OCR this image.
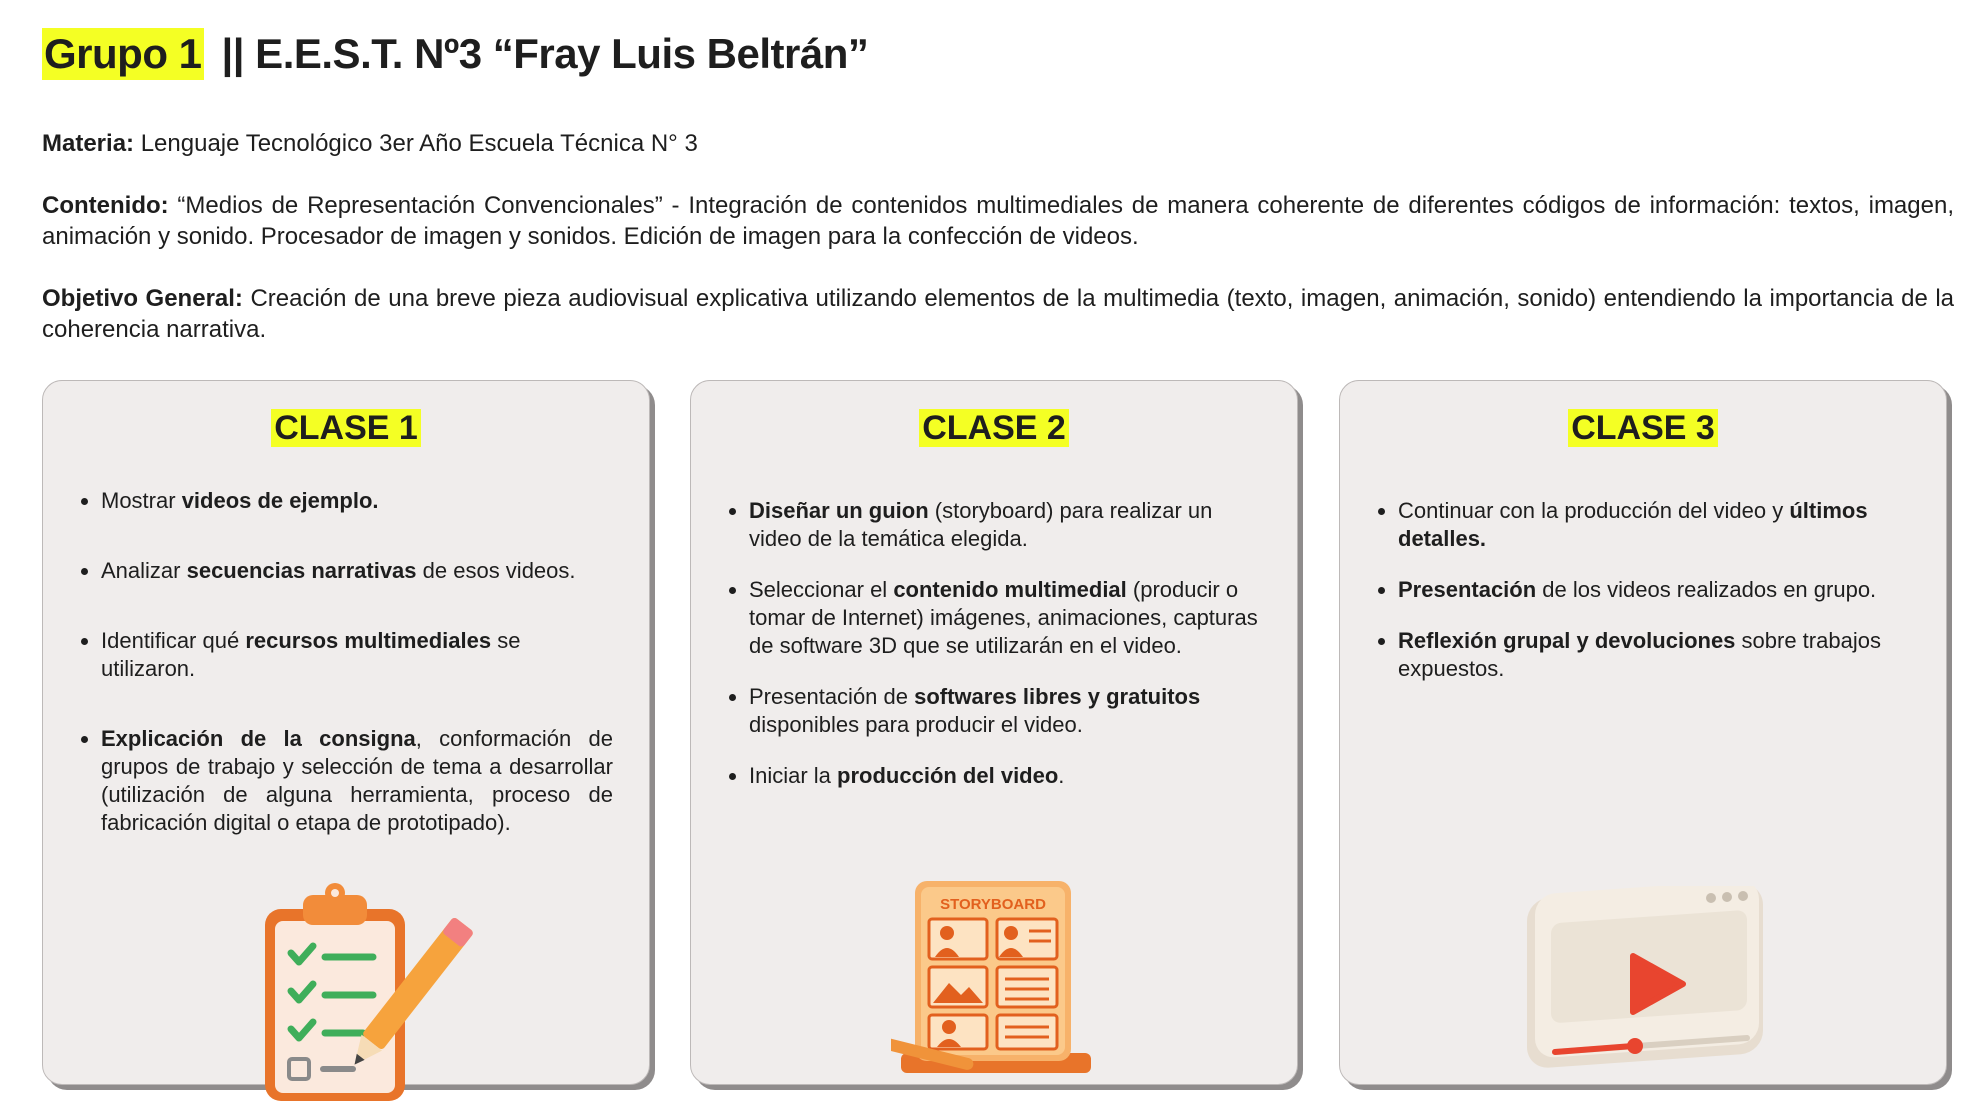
Grupo 1 || E.E.S.T. Nº3 “Fray Luis Beltrán”

Materia: Lenguaje Tecnológico 3er Año Escuela Técnica N° 3

Contenido: “Medios de Representación Convencionales” - Integración de contenidos multimediales de manera coherente de diferentes códigos de información: textos, imagen, animación y sonido. Procesador de imagen y sonidos. Edición de imagen para la confección de videos.

Objetivo General: Creación de una breve pieza audiovisual explicativa utilizando elementos de la multimedia (texto, imagen, animación, sonido) entendiendo la importancia de la coherencia narrativa.

CLASE 1
• Mostrar videos de ejemplo.
• Analizar secuencias narrativas de esos videos.
• Identificar qué recursos multimediales se utilizaron.
• Explicación de la consigna, conformación de grupos de trabajo y selección de tema a desarrollar (utilización de alguna herramienta, proceso de fabricación digital o etapa de prototipado).
CLASE 2
• Diseñar un guion (storyboard) para realizar un video de la temática elegida.
• Seleccionar el contenido multimedial (producir o tomar de Internet) imágenes, animaciones, capturas de software 3D que se utilizarán en el video.
• Presentación de softwares libres y gratuitos disponibles para producir el video.
• Iniciar la producción del video.
STORYBOARD
CLASE 3
• Continuar con la producción del video y últimos detalles.
• Presentación de los videos realizados en grupo.
• Reflexión grupal y devoluciones sobre trabajos expuestos.
